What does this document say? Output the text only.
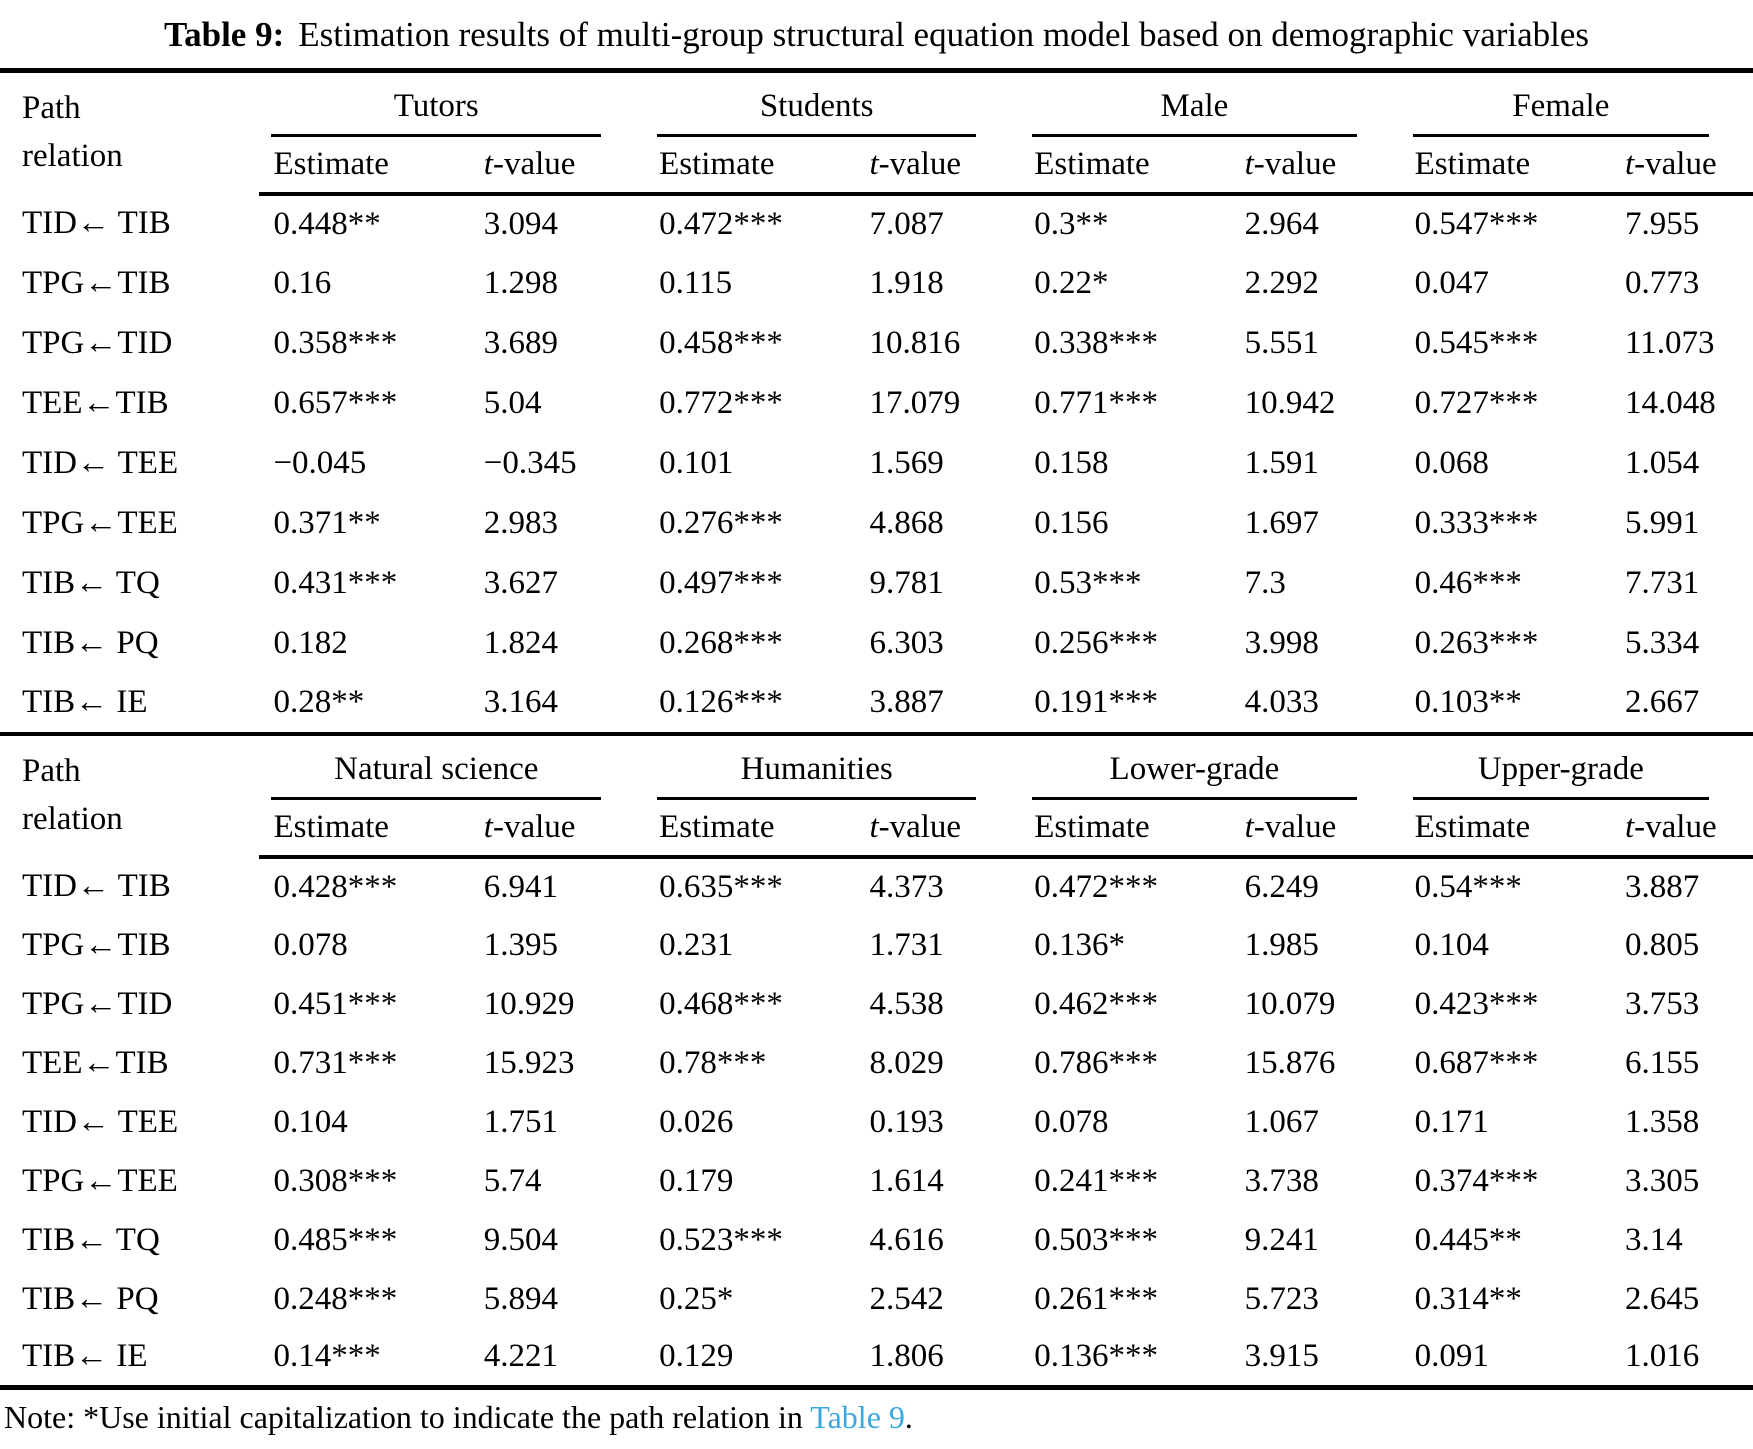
Table 9: Estimation results of multi-group structural equation model based on demographic variables
Path
relation	Tutors		Students		Male		Female	

	Estimate	t-value	Estimate	t-value	Estimate	t-value	Estimate	t-value
TID← TIB	0.448**	3.094	0.472***	7.087	0.3**	2.964	0.547***	7.955
TPG←TIB	0.16	1.298	0.115	1.918	0.22*	2.292	0.047	0.773
TPG←TID	0.358***	3.689	0.458***	10.816	0.338***	5.551	0.545***	11.073
TEE←TIB	0.657***	5.04	0.772***	17.079	0.771***	10.942	0.727***	14.048
TID← TEE	−0.045	−0.345	0.101	1.569	0.158	1.591	0.068	1.054
TPG←TEE	0.371**	2.983	0.276***	4.868	0.156	1.697	0.333***	5.991
TIB← TQ	0.431***	3.627	0.497***	9.781	0.53***	7.3	0.46***	7.731
TIB← PQ	0.182	1.824	0.268***	6.303	0.256***	3.998	0.263***	5.334
TIB← IE	0.28**	3.164	0.126***	3.887	0.191***	4.033	0.103**	2.667

Path
relation	Natural science		Humanities		Lower-grade		Upper-grade	

	Estimate	t-value	Estimate	t-value	Estimate	t-value	Estimate	t-value
TID← TIB	0.428***	6.941	0.635***	4.373	0.472***	6.249	0.54***	3.887
TPG←TIB	0.078	1.395	0.231	1.731	0.136*	1.985	0.104	0.805
TPG←TID	0.451***	10.929	0.468***	4.538	0.462***	10.079	0.423***	3.753
TEE←TIB	0.731***	15.923	0.78***	8.029	0.786***	15.876	0.687***	6.155
TID← TEE	0.104	1.751	0.026	0.193	0.078	1.067	0.171	1.358
TPG←TEE	0.308***	5.74	0.179	1.614	0.241***	3.738	0.374***	3.305
TIB← TQ	0.485***	9.504	0.523***	4.616	0.503***	9.241	0.445**	3.14
TIB← PQ	0.248***	5.894	0.25*	2.542	0.261***	5.723	0.314**	2.645
TIB← IE	0.14***	4.221	0.129	1.806	0.136***	3.915	0.091	1.016
Note: *Use initial capitalization to indicate the path relation in Table 9.
